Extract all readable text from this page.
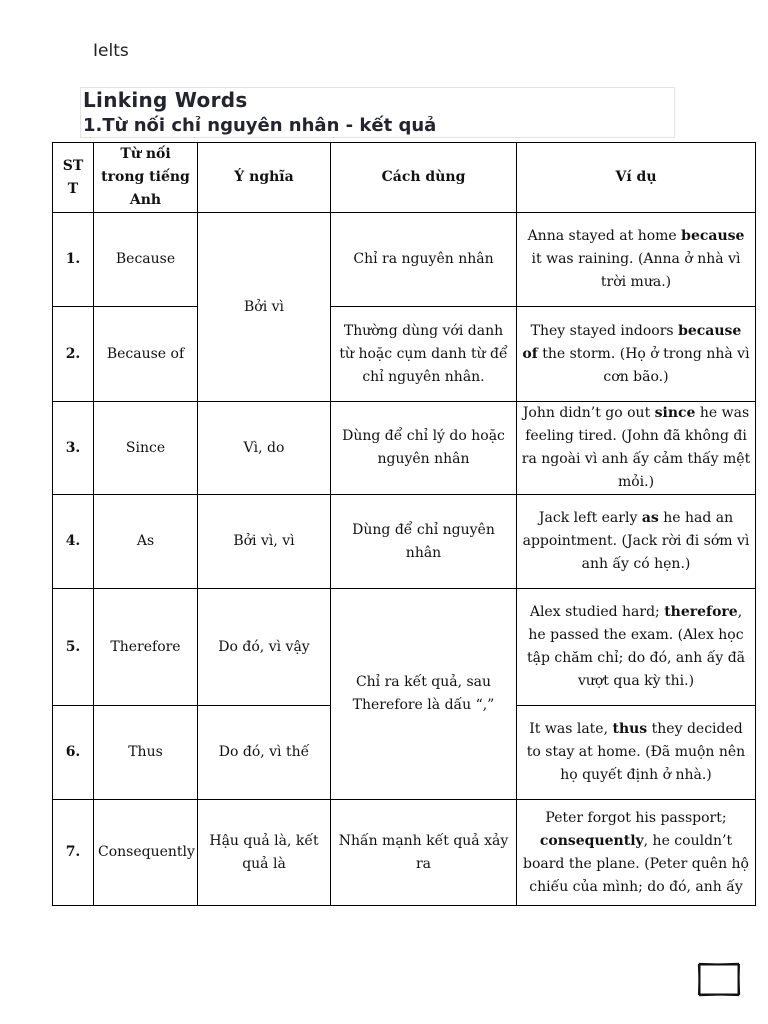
Ielts
Linking Words
1.Từ nối chỉ nguyên nhân - kết quả
ST T	Từ nối trong tiếng Anh	Ý nghĩa	Cách dùng	Ví dụ
1.	Because	Bởi vì	Chỉ ra nguyên nhân	Anna stayed at home because it was raining. (Anna ở nhà vì trời mưa.)
2.	Because of		Thường dùng với danh từ hoặc cụm danh từ để chỉ nguyên nhân.	They stayed indoors because of the storm. (Họ ở trong nhà vì cơn bão.)
3.	Since	Vì, do	Dùng để chỉ lý do hoặc nguyên nhân	John didn’t go out since he was feeling tired. (John đã không đi ra ngoài vì anh ấy cảm thấy mệt mỏi.)
4.	As	Bởi vì, vì	Dùng để chỉ nguyên nhân	Jack left early as he had an appointment. (Jack rời đi sớm vì anh ấy có hẹn.)
5.	Therefore	Do đó, vì vậy	Chỉ ra kết quả, sau Therefore là dấu “,”	Alex studied hard; therefore, he passed the exam. (Alex học tập chăm chỉ; do đó, anh ấy đã vượt qua kỳ thi.)
6.	Thus	Do đó, vì thế		It was late, thus they decided to stay at home. (Đã muộn nên họ quyết định ở nhà.)
7.	Consequently	Hậu quả là, kết quả là	Nhấn mạnh kết quả xảy ra	Peter forgot his passport; consequently, he couldn’t board the plane. (Peter quên hộ chiếu của mình; do đó, anh ấy
